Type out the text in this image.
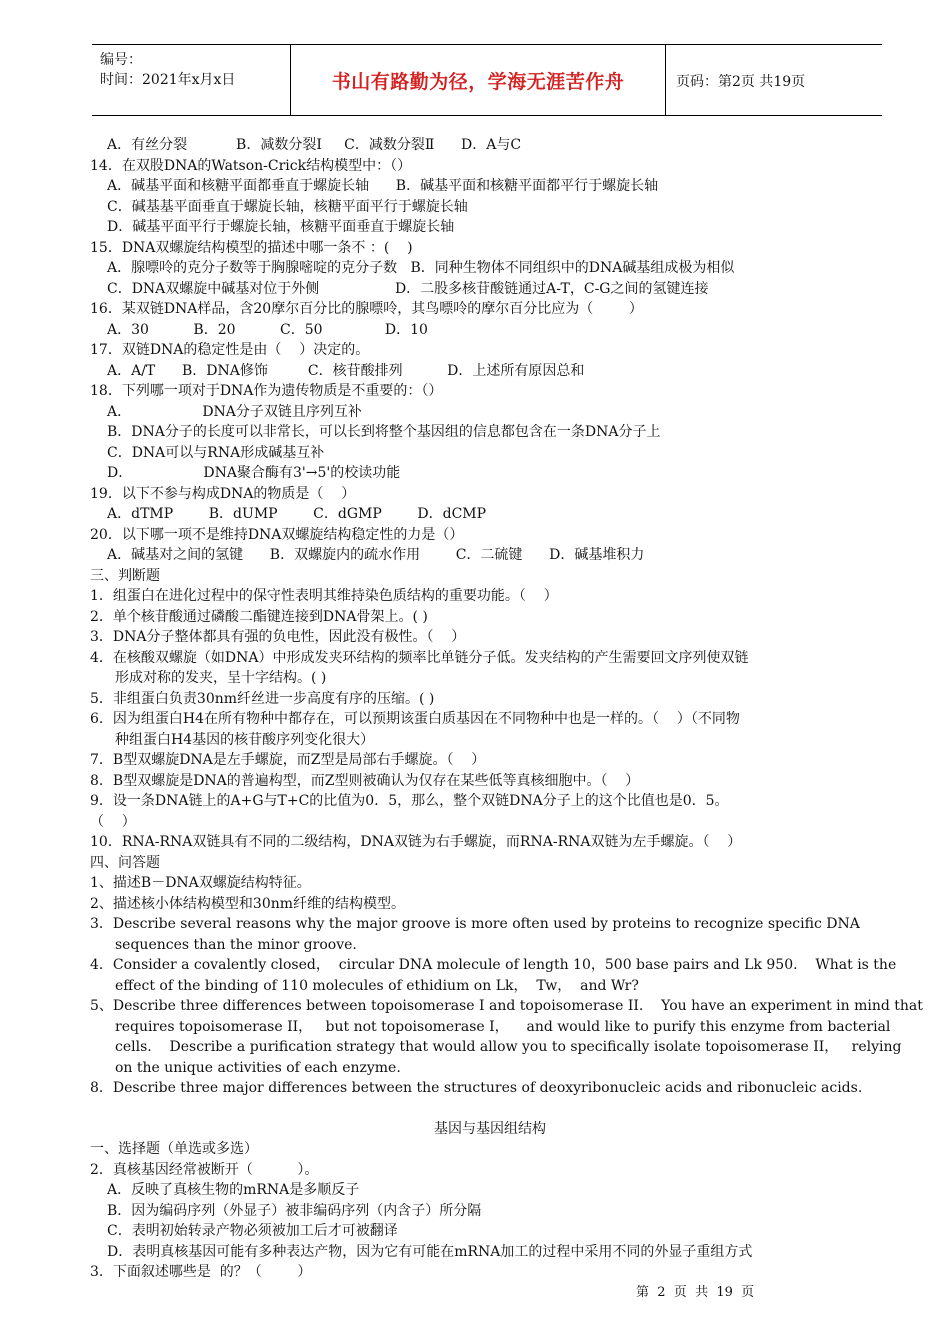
编号：
时间：2021年x月x日	书山有路勤为径，学海无涯苦作舟	页码：第2页 共19页
A．有丝分裂           B．减数分裂Ⅰ     C．减数分裂Ⅱ      D．A与C
14．在双股DNA的Watson-Crick结构模型中：（）
A．碱基平面和核糖平面都垂直于螺旋长轴      B．碱基平面和核糖平面都平行于螺旋长轴
C．碱基基平面垂直于螺旋长轴，核糖平面平行于螺旋长轴
D．碱基平面平行于螺旋长轴，核糖平面垂直于螺旋长轴
15．DNA双螺旋结构模型的描述中哪一条不 ：(    )
A．腺嘌呤的克分子数等于胸腺嘧啶的克分子数   B．同种生物体不同组织中的DNA碱基组成极为相似
C．DNA双螺旋中碱基对位于外侧                 D．二股多核苷酸链通过A-T，C-G之间的氢键连接
16．某双链DNA样品，含20摩尔百分比的腺嘌呤，其鸟嘌呤的摩尔百分比应为（        ）
A．30          B．20          C．50              D．10
17．双链DNA的稳定性是由（    ）决定的。
A．A/T      B．DNA修饰         C．核苷酸排列          D．上述所有原因总和
18．下列哪一项对于DNA作为遗传物质是不重要的：（）
A．                DNA分子双链且序列互补
B．DNA分子的长度可以非常长，可以长到将整个基因组的信息都包含在一条DNA分子上
C．DNA可以与RNA形成碱基互补
D．                DNA聚合酶有3'→5'的校读功能
19．以下不参与构成DNA的物质是（    ）
A．dTMP        B．dUMP        C．dGMP        D．dCMP
20．以下哪一项不是维持DNA双螺旋结构稳定性的力是（）
A．碱基对之间的氢键      B．双螺旋内的疏水作用        C．二硫键      D．碱基堆积力
三、判断题
1．组蛋白在进化过程中的保守性表明其维持染色质结构的重要功能。（    ）
2．单个核苷酸通过磷酸二酯键连接到DNA骨架上。( )
3．DNA分子整体都具有强的负电性，因此没有极性。（    ）
4．在核酸双螺旋（如DNA）中形成发夹环结构的频率比单链分子低。发夹结构的产生需要回文序列使双链
形成对称的发夹，呈十字结构。( )
5．非组蛋白负责30nm纤丝进一步高度有序的压缩。( )
6．因为组蛋白H4在所有物种中都存在，可以预期该蛋白质基因在不同物种中也是一样的。（    ）（不同物
种组蛋白H4基因的核苷酸序列变化很大）
7．B型双螺旋DNA是左手螺旋，而Z型是局部右手螺旋。（    ）
8．B型双螺旋是DNA的普遍构型，而Z型则被确认为仅存在某些低等真核细胞中。（    ）
9．设一条DNA链上的A+G与T+C的比值为0．5，那么，整个双链DNA分子上的这个比值也是0．5。
（    ）
10．RNA-RNA双链具有不同的二级结构，DNA双链为右手螺旋，而RNA-RNA双链为左手螺旋。（    ）
四、问答题
1、描述B－DNA双螺旋结构特征。
2、描述核小体结构模型和30nm纤维的结构模型。
3．Describe several reasons why the major groove is more often used by proteins to recognize specific DNA
sequences than the minor groove.
4．Consider a covalently closed，  circular DNA molecule of length 10，500 base pairs and Lk 950.    What is the
effect of the binding of 110 molecules of ethidium on Lk，  Tw，  and Wr?
5、Describe three differences between topoisomerase I and topoisomerase II.    You have an experiment in mind that
requires topoisomerase II，   but not topoisomerase I，    and would like to purify this enzyme from bacterial
cells.    Describe a purification strategy that would allow you to specifically isolate topoisomerase II，   relying
on the unique activities of each enzyme.
8．Describe three major differences between the structures of deoxyribonucleic acids and ribonucleic acids.
基因与基因组结构
一、选择题（单选或多选）
2．真核基因经常被断开（          ）。
A．反映了真核生物的mRNA是多顺反子
B．因为编码序列（外显子）被非编码序列（内含子）所分隔
C．表明初始转录产物必须被加工后才可被翻译
D．表明真核基因可能有多种表达产物，因为它有可能在mRNA加工的过程中采用不同的外显子重组方式
3．下面叙述哪些是  的？（        ）
第  2  页  共  19  页
